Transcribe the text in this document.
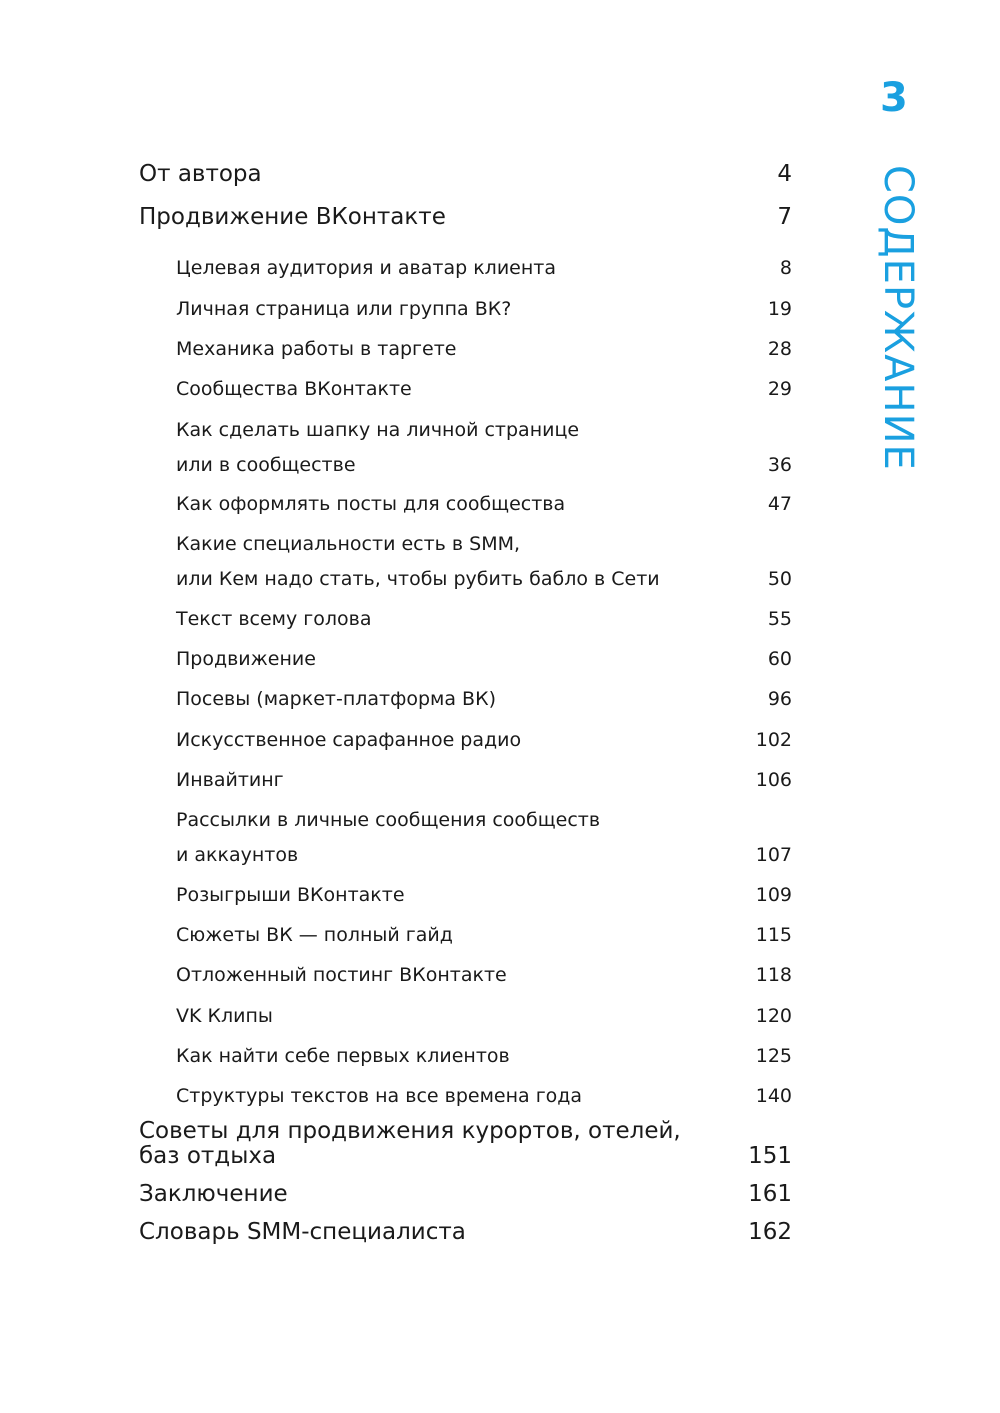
3
СОДЕРЖАНИЕ
От автора	4
Продвижение ВКонтакте	7
Целевая аудитория и аватар клиента	8
Личная страница или группа ВК?	19
Механика работы в таргете	28
Сообщества ВКонтакте	29
Как сделать шапку на личной странице
или в сообществе	36
Как оформлять посты для сообщества	47
Какие специальности есть в SMM,
или Кем надо стать, чтобы рубить бабло в Сети	50
Текст всему голова	55
Продвижение	60
Посевы (маркет-платформа ВК)	96
Искусственное сарафанное радио	102
Инвайтинг	106
Рассылки в личные сообщения сообществ
и аккаунтов	107
Розыгрыши ВКонтакте	109
Сюжеты ВК — полный гайд	115
Отложенный постинг ВКонтакте	118
VK Клипы	120
Как найти себе первых клиентов	125
Структуры текстов на все времена года	140
Советы для продвижения курортов, отелей,
баз отдыха	151
Заключение	161
Словарь SMM-специалиста	162
